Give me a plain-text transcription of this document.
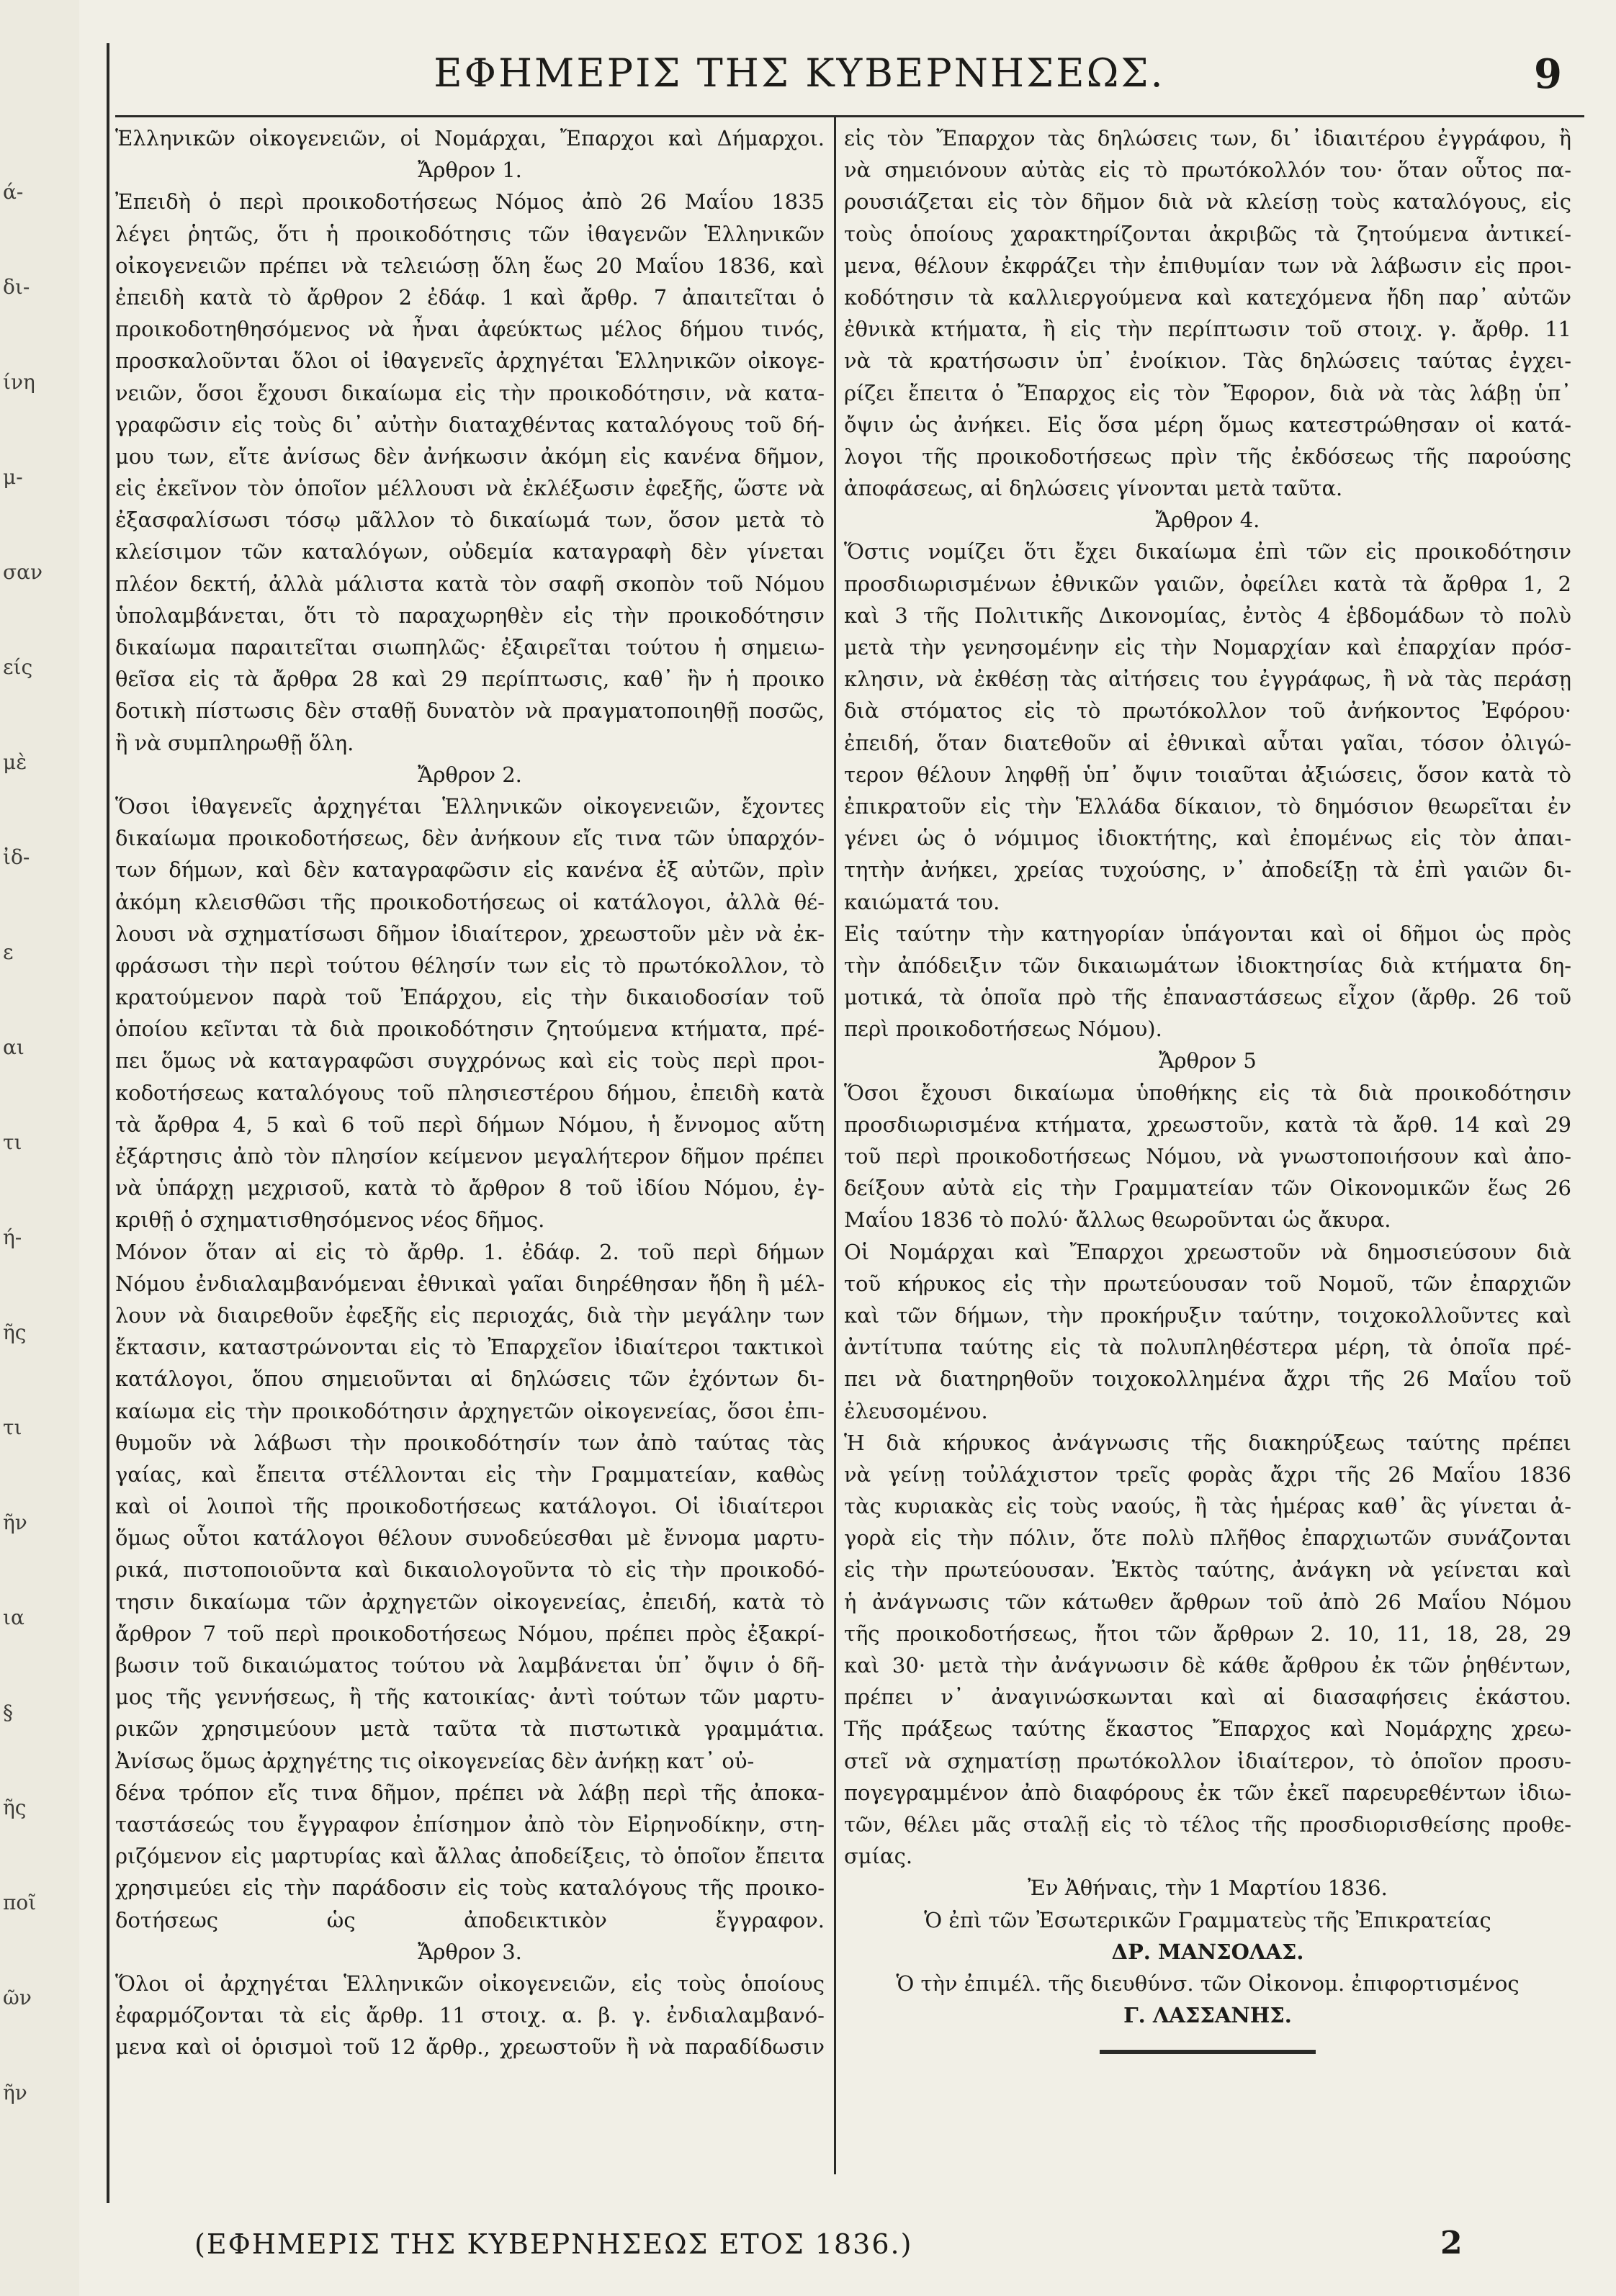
ά-
δι-
ίνη
μ-
σαν
είς
μὲ
ἰδ-
ε
αι
τι
ή-
ῆς
τι
ῆν
ια
§
ῆς
ποῖ
ῶν
ῆν
ΕΦΗΜΕΡΙΣ ΤΗΣ ΚΥΒΕΡΝΗΣΕΩΣ.	9
Ἑλληνικῶν οἰκογενειῶν, οἱ Νομάρχαι, Ἔπαρχοι καὶ Δήμαρχοι.
Ἄρθρον 1.
Ἐπειδὴ ὁ περὶ προικοδοτήσεως Νόμος ἀπὸ 26 Μαΐου 1835
λέγει ῥητῶς, ὅτι ἡ προικοδότησις τῶν ἰθαγενῶν Ἑλληνικῶν
οἰκογενειῶν πρέπει νὰ τελειώσῃ ὅλη ἕως 20 Μαΐου 1836, καὶ
ἐπειδὴ κατὰ τὸ ἄρθρον 2 ἐδάφ. 1 καὶ ἄρθρ. 7 ἀπαιτεῖται ὁ
προικοδοτηθησόμενος νὰ ἦναι ἀφεύκτως μέλος δήμου τινός,
προσκαλοῦνται ὅλοι οἱ ἰθαγενεῖς ἀρχηγέται Ἑλληνικῶν οἰκογε-
νειῶν, ὅσοι ἔχουσι δικαίωμα εἰς τὴν προικοδότησιν, νὰ κατα-
γραφῶσιν εἰς τοὺς δι᾽ αὐτὴν διαταχθέντας καταλόγους τοῦ δή-
μου των, εἴτε ἀνίσως δὲν ἀνήκωσιν ἀκόμη εἰς κανένα δῆμον,
εἰς ἐκεῖνον τὸν ὁποῖον μέλλουσι νὰ ἐκλέξωσιν ἐφεξῆς, ὥστε νὰ
ἐξασφαλίσωσι τόσῳ μᾶλλον τὸ δικαίωμά των, ὅσον μετὰ τὸ
κλείσιμον τῶν καταλόγων, οὐδεμία καταγραφὴ δὲν γίνεται
πλέον δεκτή, ἀλλὰ μάλιστα κατὰ τὸν σαφῆ σκοπὸν τοῦ Νόμου
ὑπολαμβάνεται, ὅτι τὸ παραχωρηθὲν εἰς τὴν προικοδότησιν
δικαίωμα παραιτεῖται σιωπηλῶς· ἐξαιρεῖται τούτου ἡ σημειω-
θεῖσα εἰς τὰ ἄρθρα 28 καὶ 29 περίπτωσις, καθ᾽ ἣν ἡ προικο
δοτικὴ πίστωσις δὲν σταθῇ δυνατὸν νὰ πραγματοποιηθῇ ποσῶς,
ἢ νὰ συμπληρωθῇ ὅλη.
Ἄρθρον 2.
Ὅσοι ἰθαγενεῖς ἀρχηγέται Ἑλληνικῶν οἰκογενειῶν, ἔχοντες
δικαίωμα προικοδοτήσεως, δὲν ἀνήκουν εἴς τινα τῶν ὑπαρχόν-
των δήμων, καὶ δὲν καταγραφῶσιν εἰς κανένα ἐξ αὐτῶν, πρὶν
ἀκόμη κλεισθῶσι τῆς προικοδοτήσεως οἱ κατάλογοι, ἀλλὰ θέ-
λουσι νὰ σχηματίσωσι δῆμον ἰδιαίτερον, χρεωστοῦν μὲν νὰ ἐκ-
φράσωσι τὴν περὶ τούτου θέλησίν των εἰς τὸ πρωτόκολλον, τὸ
κρατούμενον παρὰ τοῦ Ἐπάρχου, εἰς τὴν δικαιοδοσίαν τοῦ
ὁποίου κεῖνται τὰ διὰ προικοδότησιν ζητούμενα κτήματα, πρέ-
πει ὅμως νὰ καταγραφῶσι συγχρόνως καὶ εἰς τοὺς περὶ προι-
κοδοτήσεως καταλόγους τοῦ πλησιεστέρου δήμου, ἐπειδὴ κατὰ
τὰ ἄρθρα 4, 5 καὶ 6 τοῦ περὶ δήμων Νόμου, ἡ ἔννομος αὕτη
ἐξάρτησις ἀπὸ τὸν πλησίον κείμενον μεγαλήτερον δῆμον πρέπει
νὰ ὑπάρχῃ μεχρισοῦ, κατὰ τὸ ἄρθρον 8 τοῦ ἰδίου Νόμου, ἐγ-
κριθῇ ὁ σχηματισθησόμενος νέος δῆμος.
Μόνον ὅταν αἱ εἰς τὸ ἄρθρ. 1. ἐδάφ. 2. τοῦ περὶ δήμων
Νόμου ἐνδιαλαμβανόμεναι ἐθνικαὶ γαῖαι διηρέθησαν ἤδη ἢ μέλ-
λουν νὰ διαιρεθοῦν ἐφεξῆς εἰς περιοχάς, διὰ τὴν μεγάλην των
ἔκτασιν, καταστρώνονται εἰς τὸ Ἐπαρχεῖον ἰδιαίτεροι τακτικοὶ
κατάλογοι, ὅπου σημειοῦνται αἱ δηλώσεις τῶν ἐχόντων δι-
καίωμα εἰς τὴν προικοδότησιν ἀρχηγετῶν οἰκογενείας, ὅσοι ἐπι-
θυμοῦν νὰ λάβωσι τὴν προικοδότησίν των ἀπὸ ταύτας τὰς
γαίας, καὶ ἔπειτα στέλλονται εἰς τὴν Γραμματείαν, καθὼς
καὶ οἱ λοιποὶ τῆς προικοδοτήσεως κατάλογοι. Οἱ ἰδιαίτεροι
ὅμως οὗτοι κατάλογοι θέλουν συνοδεύεσθαι μὲ ἔννομα μαρτυ-
ρικά, πιστοποιοῦντα καὶ δικαιολογοῦντα τὸ εἰς τὴν προικοδό-
τησιν δικαίωμα τῶν ἀρχηγετῶν οἰκογενείας, ἐπειδή, κατὰ τὸ
ἄρθρον 7 τοῦ περὶ προικοδοτήσεως Νόμου, πρέπει πρὸς ἐξακρί-
βωσιν τοῦ δικαιώματος τούτου νὰ λαμβάνεται ὑπ᾽ ὄψιν ὁ δῆ-
μος τῆς γεννήσεως, ἢ τῆς κατοικίας· ἀντὶ τούτων τῶν μαρτυ-
ρικῶν χρησιμεύουν μετὰ ταῦτα τὰ πιστωτικὰ γραμμάτια.
Ἀνίσως ὅμως ἀρχηγέτης τις οἰκογενείας δὲν ἀνήκῃ κατ᾽ οὐ-
δένα τρόπον εἴς τινα δῆμον, πρέπει νὰ λάβῃ περὶ τῆς ἀποκα-
ταστάσεώς του ἔγγραφον ἐπίσημον ἀπὸ τὸν Εἰρηνοδίκην, στη-
ριζόμενον εἰς μαρτυρίας καὶ ἄλλας ἀποδείξεις, τὸ ὁποῖον ἔπειτα
χρησιμεύει εἰς τὴν παράδοσιν εἰς τοὺς καταλόγους τῆς προικο-
δοτήσεως ὡς ἀποδεικτικὸν ἔγγραφον.
Ἄρθρον 3.
Ὅλοι οἱ ἀρχηγέται Ἑλληνικῶν οἰκογενειῶν, εἰς τοὺς ὁποίους
ἐφαρμόζονται τὰ εἰς ἄρθρ. 11 στοιχ. α. β. γ. ἐνδιαλαμβανό-
μενα καὶ οἱ ὁρισμοὶ τοῦ 12 ἄρθρ., χρεωστοῦν ἢ νὰ παραδίδωσιν
εἰς τὸν Ἔπαρχον τὰς δηλώσεις των, δι᾽ ἰδιαιτέρου ἐγγράφου, ἢ
νὰ σημειόνουν αὐτὰς εἰς τὸ πρωτόκολλόν του· ὅταν οὗτος πα-
ρουσιάζεται εἰς τὸν δῆμον διὰ νὰ κλείσῃ τοὺς καταλόγους, εἰς
τοὺς ὁποίους χαρακτηρίζονται ἀκριβῶς τὰ ζητούμενα ἀντικεί-
μενα, θέλουν ἐκφράζει τὴν ἐπιθυμίαν των νὰ λάβωσιν εἰς προι-
κοδότησιν τὰ καλλιεργούμενα καὶ κατεχόμενα ἤδη παρ᾽ αὐτῶν
ἐθνικὰ κτήματα, ἢ εἰς τὴν περίπτωσιν τοῦ στοιχ. γ. ἄρθρ. 11
νὰ τὰ κρατήσωσιν ὑπ᾽ ἐνοίκιον. Τὰς δηλώσεις ταύτας ἐγχει-
ρίζει ἔπειτα ὁ Ἔπαρχος εἰς τὸν Ἔφορον, διὰ νὰ τὰς λάβῃ ὑπ᾽
ὄψιν ὡς ἀνήκει. Εἰς ὅσα μέρη ὅμως κατεστρώθησαν οἱ κατά-
λογοι τῆς προικοδοτήσεως πρὶν τῆς ἐκδόσεως τῆς παρούσης
ἀποφάσεως, αἱ δηλώσεις γίνονται μετὰ ταῦτα.
Ἄρθρον 4.
Ὅστις νομίζει ὅτι ἔχει δικαίωμα ἐπὶ τῶν εἰς προικοδότησιν
προσδιωρισμένων ἐθνικῶν γαιῶν, ὀφείλει κατὰ τὰ ἄρθρα 1, 2
καὶ 3 τῆς Πολιτικῆς Δικονομίας, ἐντὸς 4 ἑβδομάδων τὸ πολὺ
μετὰ τὴν γενησομένην εἰς τὴν Νομαρχίαν καὶ ἐπαρχίαν πρόσ-
κλησιν, νὰ ἐκθέσῃ τὰς αἰτήσεις του ἐγγράφως, ἢ νὰ τὰς περάσῃ
διὰ στόματος εἰς τὸ πρωτόκολλον τοῦ ἀνήκοντος Ἐφόρου·
ἐπειδή, ὅταν διατεθοῦν αἱ ἐθνικαὶ αὗται γαῖαι, τόσον ὀλιγώ-
τερον θέλουν ληφθῇ ὑπ᾽ ὄψιν τοιαῦται ἀξιώσεις, ὅσον κατὰ τὸ
ἐπικρατοῦν εἰς τὴν Ἑλλάδα δίκαιον, τὸ δημόσιον θεωρεῖται ἐν
γένει ὡς ὁ νόμιμος ἰδιοκτήτης, καὶ ἐπομένως εἰς τὸν ἀπαι-
τητὴν ἀνήκει, χρείας τυχούσης, ν᾽ ἀποδείξῃ τὰ ἐπὶ γαιῶν δι-
καιώματά του.
Εἰς ταύτην τὴν κατηγορίαν ὑπάγονται καὶ οἱ δῆμοι ὡς πρὸς
τὴν ἀπόδειξιν τῶν δικαιωμάτων ἰδιοκτησίας διὰ κτήματα δη-
μοτικά, τὰ ὁποῖα πρὸ τῆς ἐπαναστάσεως εἶχον (ἄρθρ. 26 τοῦ
περὶ προικοδοτήσεως Νόμου).
Ἄρθρον 5
Ὅσοι ἔχουσι δικαίωμα ὑποθήκης εἰς τὰ διὰ προικοδότησιν
προσδιωρισμένα κτήματα, χρεωστοῦν, κατὰ τὰ ἄρθ. 14 καὶ 29
τοῦ περὶ προικοδοτήσεως Νόμου, νὰ γνωστοποιήσουν καὶ ἀπο-
δείξουν αὐτὰ εἰς τὴν Γραμματείαν τῶν Οἰκονομικῶν ἕως 26
Μαΐου 1836 τὸ πολύ· ἄλλως θεωροῦνται ὡς ἄκυρα.
Οἱ Νομάρχαι καὶ Ἔπαρχοι χρεωστοῦν νὰ δημοσιεύσουν διὰ
τοῦ κήρυκος εἰς τὴν πρωτεύουσαν τοῦ Νομοῦ, τῶν ἐπαρχιῶν
καὶ τῶν δήμων, τὴν προκήρυξιν ταύτην, τοιχοκολλοῦντες καὶ
ἀντίτυπα ταύτης εἰς τὰ πολυπληθέστερα μέρη, τὰ ὁποῖα πρέ-
πει νὰ διατηρηθοῦν τοιχοκολλημένα ἄχρι τῆς 26 Μαΐου τοῦ
ἐλευσομένου.
Ἡ διὰ κήρυκος ἀνάγνωσις τῆς διακηρύξεως ταύτης πρέπει
νὰ γείνῃ τοὐλάχιστον τρεῖς φορὰς ἄχρι τῆς 26 Μαΐου 1836
τὰς κυριακὰς εἰς τοὺς ναούς, ἢ τὰς ἡμέρας καθ᾽ ἃς γίνεται ἀ-
γορὰ εἰς τὴν πόλιν, ὅτε πολὺ πλῆθος ἐπαρχιωτῶν συνάζονται
εἰς τὴν πρωτεύουσαν. Ἐκτὸς ταύτης, ἀνάγκη νὰ γείνεται καὶ
ἡ ἀνάγνωσις τῶν κάτωθεν ἄρθρων τοῦ ἀπὸ 26 Μαΐου Νόμου
τῆς προικοδοτήσεως, ἤτοι τῶν ἄρθρων 2. 10, 11, 18, 28, 29
καὶ 30· μετὰ τὴν ἀνάγνωσιν δὲ κάθε ἄρθρου ἐκ τῶν ῥηθέντων,
πρέπει ν᾽ ἀναγινώσκωνται καὶ αἱ διασαφήσεις ἑκάστου.
Τῆς πράξεως ταύτης ἕκαστος Ἔπαρχος καὶ Νομάρχης χρεω-
στεῖ νὰ σχηματίσῃ πρωτόκολλον ἰδιαίτερον, τὸ ὁποῖον προσυ-
πογεγραμμένον ἀπὸ διαφόρους ἐκ τῶν ἐκεῖ παρευρεθέντων ἰδιω-
τῶν, θέλει μᾶς σταλῇ εἰς τὸ τέλος τῆς προσδιορισθείσης προθε-
σμίας.
Ἐν Ἀθήναις, τὴν 1 Μαρτίου 1836.
Ὁ ἐπὶ τῶν Ἐσωτερικῶν Γραμματεὺς τῆς Ἐπικρατείας
ΔΡ. ΜΑΝΣΟΛΑΣ.
Ὁ τὴν ἐπιμέλ. τῆς διευθύνσ. τῶν Οἰκονομ. ἐπιφορτισμένος
Γ. ΛΑΣΣΑΝΗΣ.
(ΕΦΗΜΕΡΙΣ ΤΗΣ ΚΥΒΕΡΝΗΣΕΩΣ ΕΤΟΣ 1836.)	2
